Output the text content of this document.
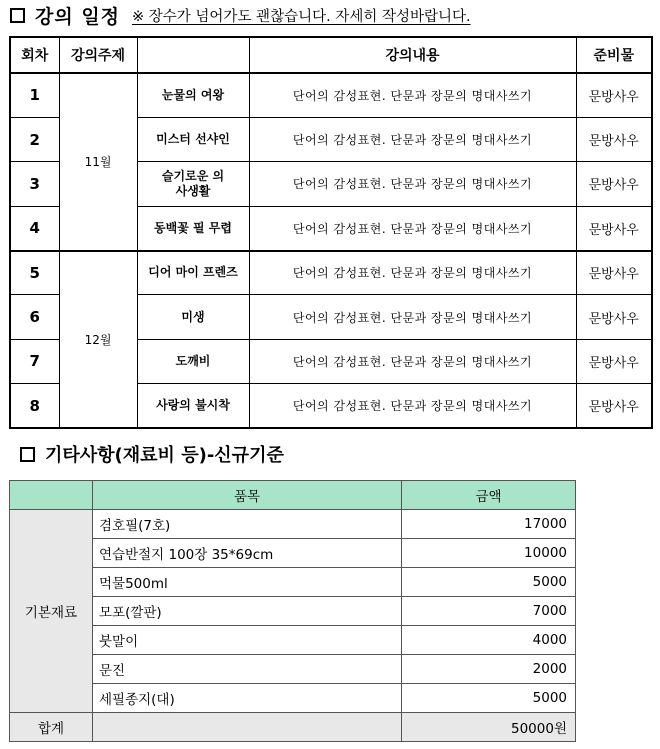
강의 일정 ※ 장수가 넘어가도 괜찮습니다. 자세히 작성바랍니다.
회차	강의주제		강의내용	준비물
1	11월	눈물의 여왕	단어의 감성표현. 단문과 장문의 명대사쓰기	문방사우
2		미스터 선샤인	단어의 감성표현. 단문과 장문의 명대사쓰기	문방사우
3		슬기로운 의사생활	단어의 감성표현. 단문과 장문의 명대사쓰기	문방사우
4		동백꽃 필 무렵	단어의 감성표현. 단문과 장문의 명대사쓰기	문방사우
5	12월	디어 마이 프렌즈	단어의 감성표현. 단문과 장문의 명대사쓰기	문방사우
6		미생	단어의 감성표현. 단문과 장문의 명대사쓰기	문방사우
7		도깨비	단어의 감성표현. 단문과 장문의 명대사쓰기	문방사우
8		사랑의 불시착	단어의 감성표현. 단문과 장문의 명대사쓰기	문방사우
기타사항(재료비 등)-신규기준
	품목	금액
기본재료	겸호필(7호)	17000
	연습반절지 100장 35*69cm	10000
	먹물500ml	5000
	모포(깔판)	7000
	붓말이	4000
	문진	2000
	세필종지(대)	5000
합계		50000원
